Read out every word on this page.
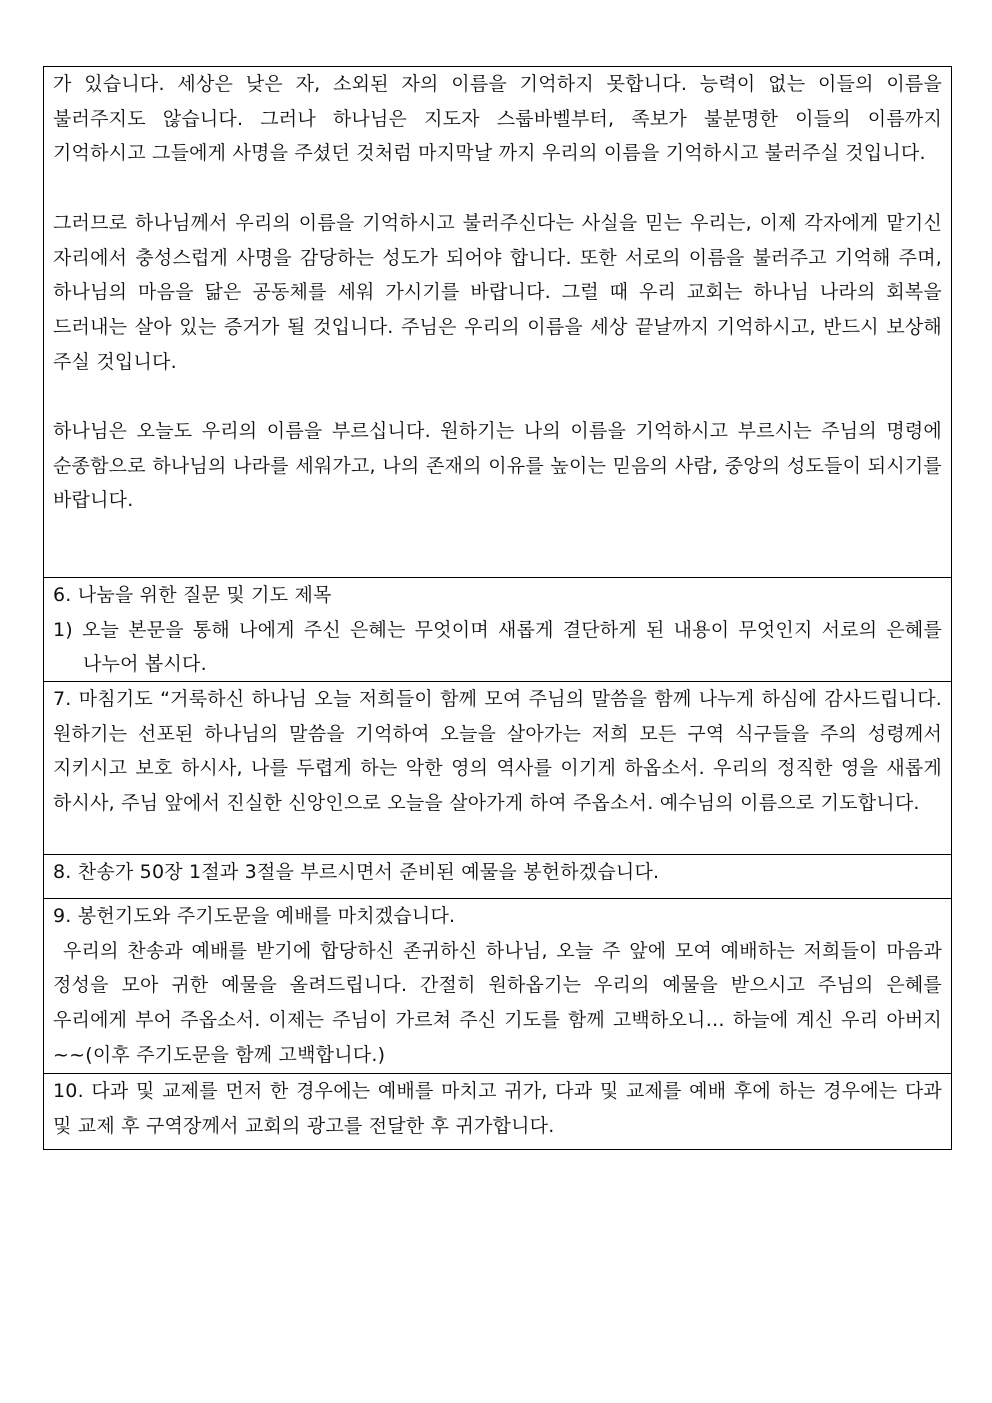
가 있습니다. 세상은 낮은 자, 소외된 자의 이름을 기억하지 못합니다. 능력이 없는 이들의 이름을 불러주지도 않습니다. 그러나 하나님은 지도자 스룹바벨부터, 족보가 불분명한 이들의 이름까지 기억하시고 그들에게 사명을 주셨던 것처럼 마지막날 까지 우리의 이름을 기억하시고 불러주실 것입니다.

그러므로 하나님께서 우리의 이름을 기억하시고 불러주신다는 사실을 믿는 우리는, 이제 각자에게 맡기신 자리에서 충성스럽게 사명을 감당하는 성도가 되어야 합니다. 또한 서로의 이름을 불러주고 기억해 주며, 하나님의 마음을 닮은 공동체를 세워 가시기를 바랍니다. 그럴 때 우리 교회는 하나님 나라의 회복을 드러내는 살아 있는 증거가 될 것입니다. 주님은 우리의 이름을 세상 끝날까지 기억하시고, 반드시 보상해 주실 것입니다.

하나님은 오늘도 우리의 이름을 부르십니다. 원하기는 나의 이름을 기억하시고 부르시는 주님의 명령에 순종함으로 하나님의 나라를 세워가고, 나의 존재의 이유를 높이는 믿음의 사람, 중앙의 성도들이 되시기를 바랍니다.

6. 나눔을 위한 질문 및 기도 제목

1) 오늘 본문을 통해 나에게 주신 은혜는 무엇이며 새롭게 결단하게 된 내용이 무엇인지 서로의 은혜를 나누어 봅시다.

7. 마침기도 “거룩하신 하나님 오늘 저희들이 함께 모여 주님의 말씀을 함께 나누게 하심에 감사드립니다. 원하기는 선포된 하나님의 말씀을 기억하여 오늘을 살아가는 저희 모든 구역 식구들을 주의 성령께서 지키시고 보호 하시사, 나를 두렵게 하는 악한 영의 역사를 이기게 하옵소서. 우리의 정직한 영을 새롭게 하시사, 주님 앞에서 진실한 신앙인으로 오늘을 살아가게 하여 주옵소서. 예수님의 이름으로 기도합니다.

8. 찬송가 50장 1절과 3절을 부르시면서 준비된 예물을 봉헌하겠습니다.

9. 봉헌기도와 주기도문을 예배를 마치겠습니다.

우리의 찬송과 예배를 받기에 합당하신 존귀하신 하나님, 오늘 주 앞에 모여 예배하는 저희들이 마음과 정성을 모아 귀한 예물을 올려드립니다. 간절히 원하옵기는 우리의 예물을 받으시고 주님의 은혜를 우리에게 부어 주옵소서. 이제는 주님이 가르쳐 주신 기도를 함께 고백하오니… 하늘에 계신 우리 아버지~~(이후 주기도문을 함께 고백합니다.)

10. 다과 및 교제를 먼저 한 경우에는 예배를 마치고 귀가, 다과 및 교제를 예배 후에 하는 경우에는 다과 및 교제 후 구역장께서 교회의 광고를 전달한 후 귀가합니다.
